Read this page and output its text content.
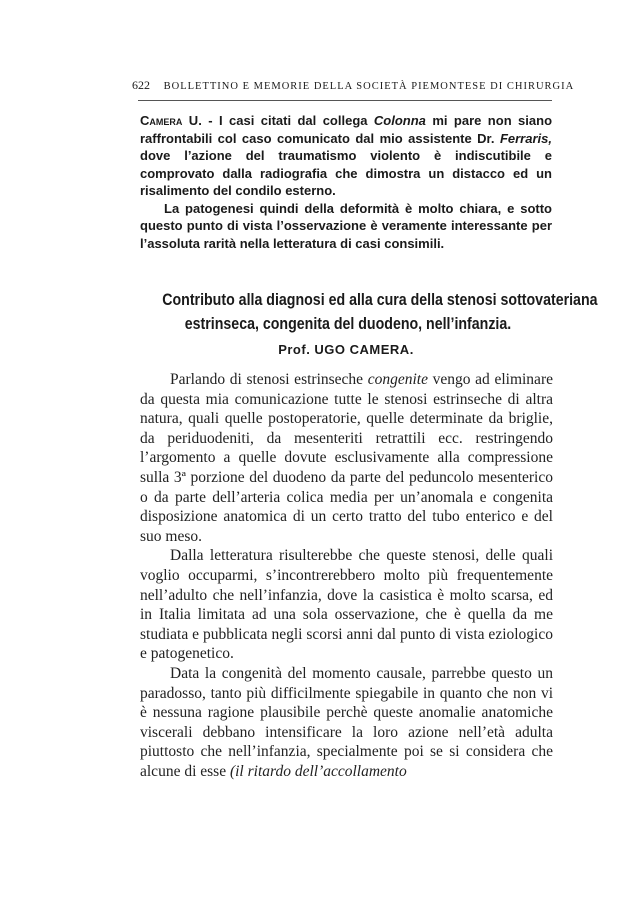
622 BOLLETTINO E MEMORIE DELLA SOCIETÀ PIEMONTESE DI CHIRURGIA

Camera U. - I casi citati dal collega Colonna mi pare non siano raffrontabili col caso comunicato dal mio assistente Dr. Ferraris, dove l’azione del traumatismo violento è indiscutibile e comprovato dalla radiografia che dimostra un distacco ed un risalimento del condilo esterno.

La patogenesi quindi della deformità è molto chiara, e sotto questo punto di vista l’osservazione è veramente interessante per l’assoluta rarità nella letteratura di casi consimili.

Contributo alla diagnosi ed alla cura della stenosi sottovateriana
estrinseca, congenita del duodeno, nell’infanzia.
Prof. UGO CAMERA.

Parlando di stenosi estrinseche congenite vengo ad eliminare da questa mia comunicazione tutte le stenosi estrinseche di altra natura, quali quelle postoperatorie, quelle determinate da briglie, da periduodeniti, da mesenteriti retrattili ecc. restringendo l’argomento a quelle dovute esclusivamente alla compressione sulla 3ª porzione del duodeno da parte del peduncolo mesenterico o da parte dell’arteria colica media per un’anomala e congenita disposizione anatomica di un certo tratto del tubo enterico e del suo meso.

Dalla letteratura risulterebbe che queste stenosi, delle quali voglio occuparmi, s’incontrerebbero molto più frequentemente nell’adulto che nell’infanzia, dove la casistica è molto scarsa, ed in Italia limitata ad una sola osservazione, che è quella da me studiata e pubblicata negli scorsi anni dal punto di vista eziologico e patogenetico.

Data la congenità del momento causale, parrebbe questo un paradosso, tanto più difficilmente spiegabile in quanto che non vi è nessuna ragione plausibile perchè queste anomalie anatomiche viscerali debbano intensificare la loro azione nell’età adulta piuttosto che nell’infanzia, specialmente poi se si considera che alcune di esse (il ritardo dell’accollamento
